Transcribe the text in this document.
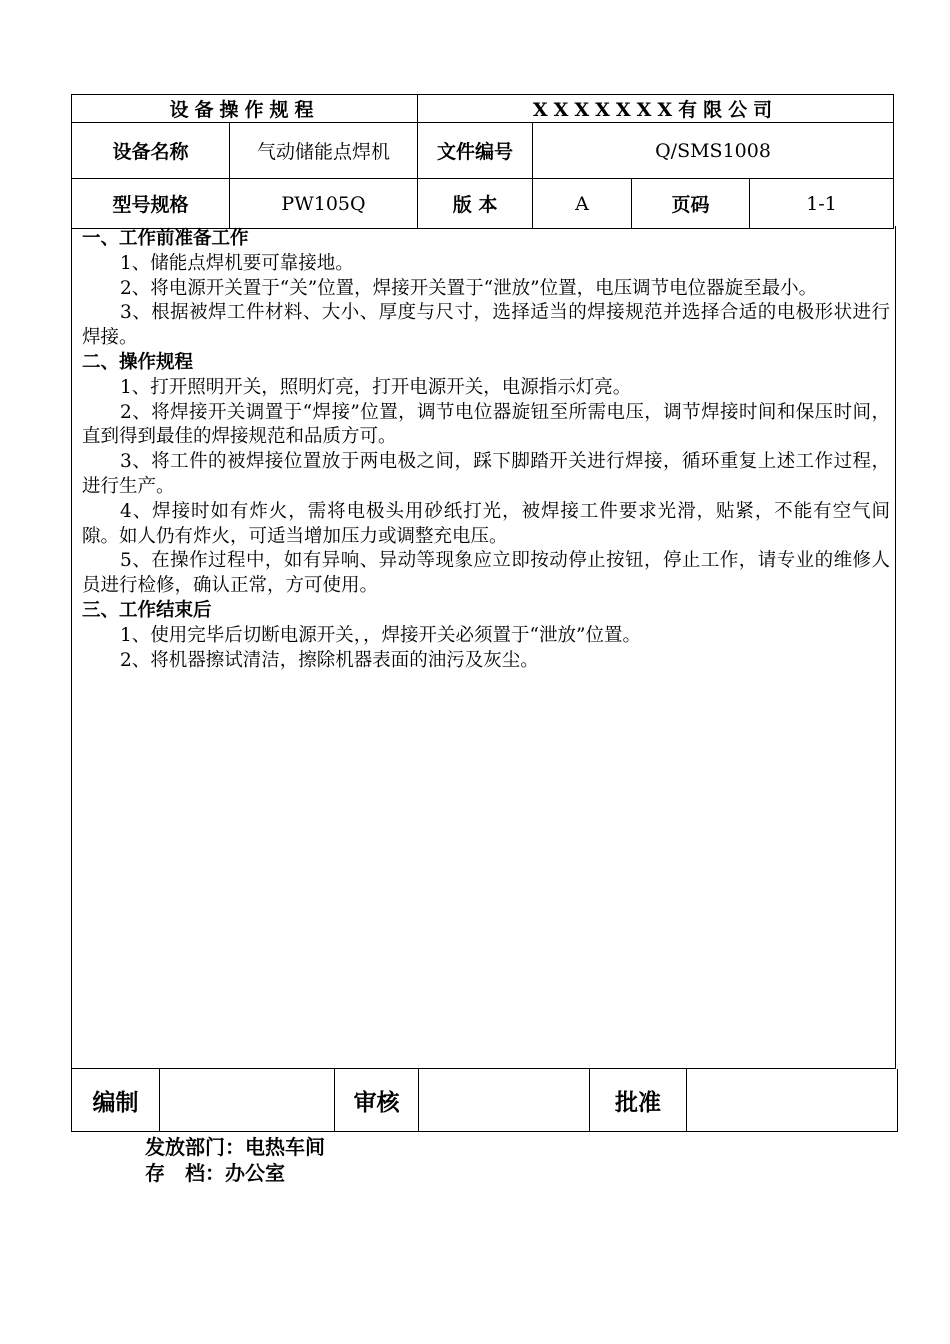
设备操作规程		XXXXXXX有限公司			
设备名称	气动储能点焊机	文件编号	Q/SMS1008		
型号规格	PW105Q	版 本	A	页码	1-1
一、工作前准备工作
1、储能点焊机要可靠接地。
2、将电源开关置于“关”位置，焊接开关置于“泄放”位置，电压调节电位器旋至最小。
3、根据被焊工件材料、大小、厚度与尺寸，选择适当的焊接规范并选择合适的电极形状进行焊接。
二、操作规程
1、打开照明开关，照明灯亮，打开电源开关，电源指示灯亮。
2、将焊接开关调置于“焊接”位置，调节电位器旋钮至所需电压，调节焊接时间和保压时间，直到得到最佳的焊接规范和品质方可。
3、将工件的被焊接位置放于两电极之间，踩下脚踏开关进行焊接，循环重复上述工作过程，进行生产。
4、焊接时如有炸火，需将电极头用砂纸打光，被焊接工件要求光滑，贴紧，不能有空气间隙。如人仍有炸火，可适当增加压力或调整充电压。
5、在操作过程中，如有异响、异动等现象应立即按动停止按钮，停止工作，请专业的维修人员进行检修，确认正常，方可使用。
三、工作结束后
1、使用完毕后切断电源开关，，焊接开关必须置于“泄放”位置。
2、将机器擦试清洁，擦除机器表面的油污及灰尘。
编制		审核		批准	
发放部门：电热车间
存　档：办公室
